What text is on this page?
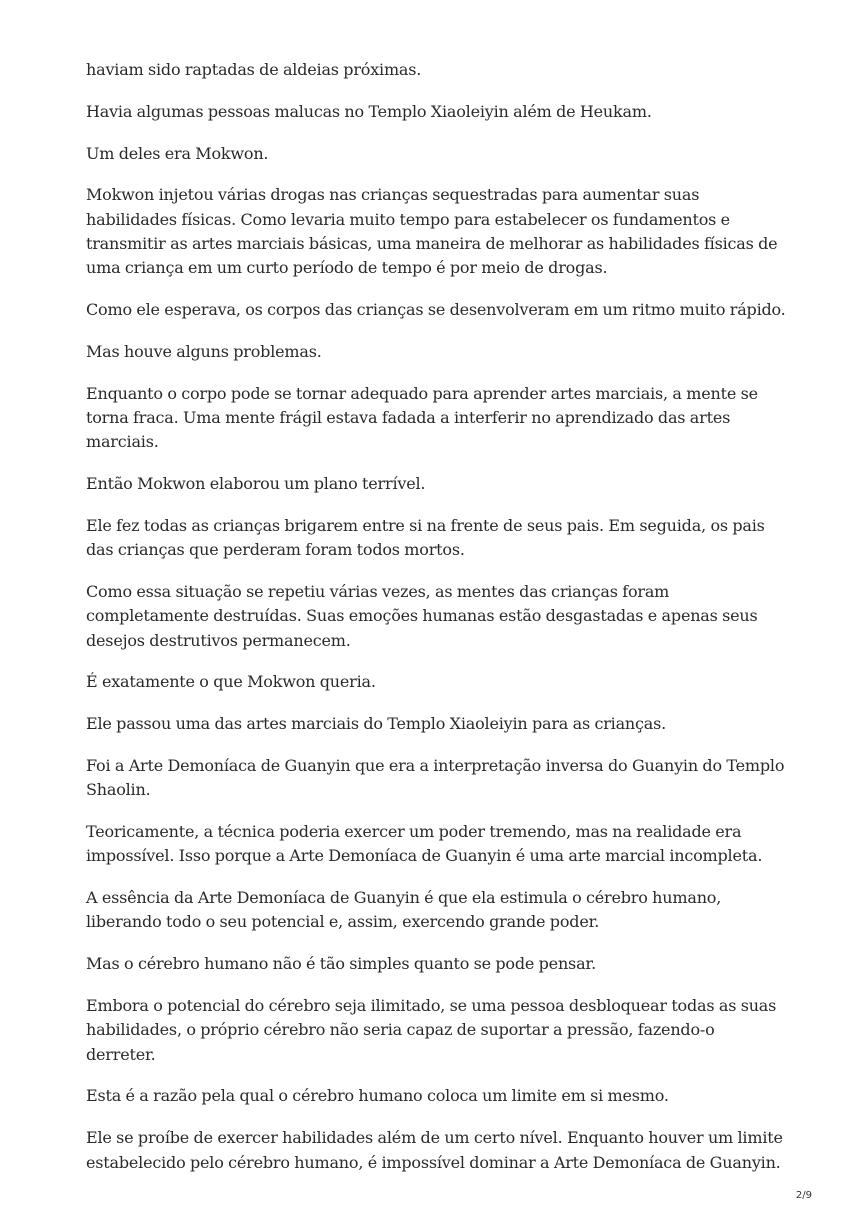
haviam sido raptadas de aldeias próximas.

Havia algumas pessoas malucas no Templo Xiaoleiyin além de Heukam.

Um deles era Mokwon.

Mokwon injetou várias drogas nas crianças sequestradas para aumentar suas habilidades físicas. Como levaria muito tempo para estabelecer os fundamentos e transmitir as artes marciais básicas, uma maneira de melhorar as habilidades físicas de uma criança em um curto período de tempo é por meio de drogas.

Como ele esperava, os corpos das crianças se desenvolveram em um ritmo muito rápido.

Mas houve alguns problemas.

Enquanto o corpo pode se tornar adequado para aprender artes marciais, a mente se torna fraca. Uma mente frágil estava fadada a interferir no aprendizado das artes marciais.

Então Mokwon elaborou um plano terrível.

Ele fez todas as crianças brigarem entre si na frente de seus pais. Em seguida, os pais das crianças que perderam foram todos mortos.

Como essa situação se repetiu várias vezes, as mentes das crianças foram completamente destruídas. Suas emoções humanas estão desgastadas e apenas seus desejos destrutivos permanecem.

É exatamente o que Mokwon queria.

Ele passou uma das artes marciais do Templo Xiaoleiyin para as crianças.

Foi a Arte Demoníaca de Guanyin que era a interpretação inversa do Guanyin do Templo Shaolin.

Teoricamente, a técnica poderia exercer um poder tremendo, mas na realidade era impossível. Isso porque a Arte Demoníaca de Guanyin é uma arte marcial incompleta.

A essência da Arte Demoníaca de Guanyin é que ela estimula o cérebro humano, liberando todo o seu potencial e, assim, exercendo grande poder.

Mas o cérebro humano não é tão simples quanto se pode pensar.

Embora o potencial do cérebro seja ilimitado, se uma pessoa desbloquear todas as suas habilidades, o próprio cérebro não seria capaz de suportar a pressão, fazendo-o derreter.

Esta é a razão pela qual o cérebro humano coloca um limite em si mesmo.

Ele se proíbe de exercer habilidades além de um certo nível. Enquanto houver um limite estabelecido pelo cérebro humano, é impossível dominar a Arte Demoníaca de Guanyin.

2/9
